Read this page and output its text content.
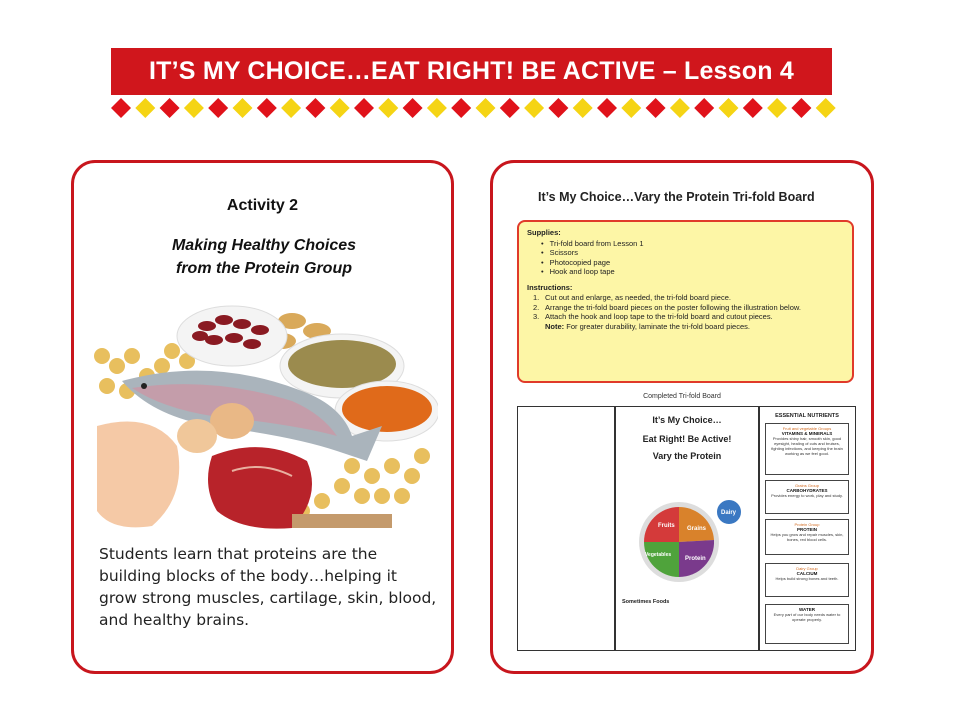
IT’S MY CHOICE…EAT RIGHT! BE ACTIVE – Lesson 4
Activity 2
Making Healthy Choices
from the Protein Group
Students learn that proteins are the building blocks of the body…helping it grow strong muscles, cartilage, skin, blood, and healthy brains.
It’s My Choice…Vary the Protein Tri-fold Board
Supplies:
• Tri-fold board from Lesson 1
• Scissors
• Photocopied page
• Hook and loop tape
Instructions:
1. Cut out and enlarge, as needed, the tri-fold board piece.
2. Arrange the tri-fold board pieces on the poster following the illustration below.
3. Attach the hook and loop tape to the tri-fold board and cutout pieces.
Note: For greater durability, laminate the tri-fold board pieces.
Completed Tri-fold Board
It’s My Choice…
Eat Right! Be Active!
Vary the Protein
Fruits Grains
Vegetables
Protein
Dairy
Sometimes Foods
ESSENTIAL NUTRIENTS
Fruit and vegetable Groups
VITAMINS & MINERALS
Provides shiny hair, smooth skin, good eyesight, healing of cuts and bruises, fighting infections, and keeping the brain working as we feel good.
Grains Group
CARBOHYDRATES
Provides energy to work, play and study.
Protein Group
PROTEIN
Helps you grow and repair muscles, skin, bones, red blood cells.
Dairy Group
CALCIUM
Helps build strong bones and teeth.
WATER
Every part of our body needs water to operate properly.
